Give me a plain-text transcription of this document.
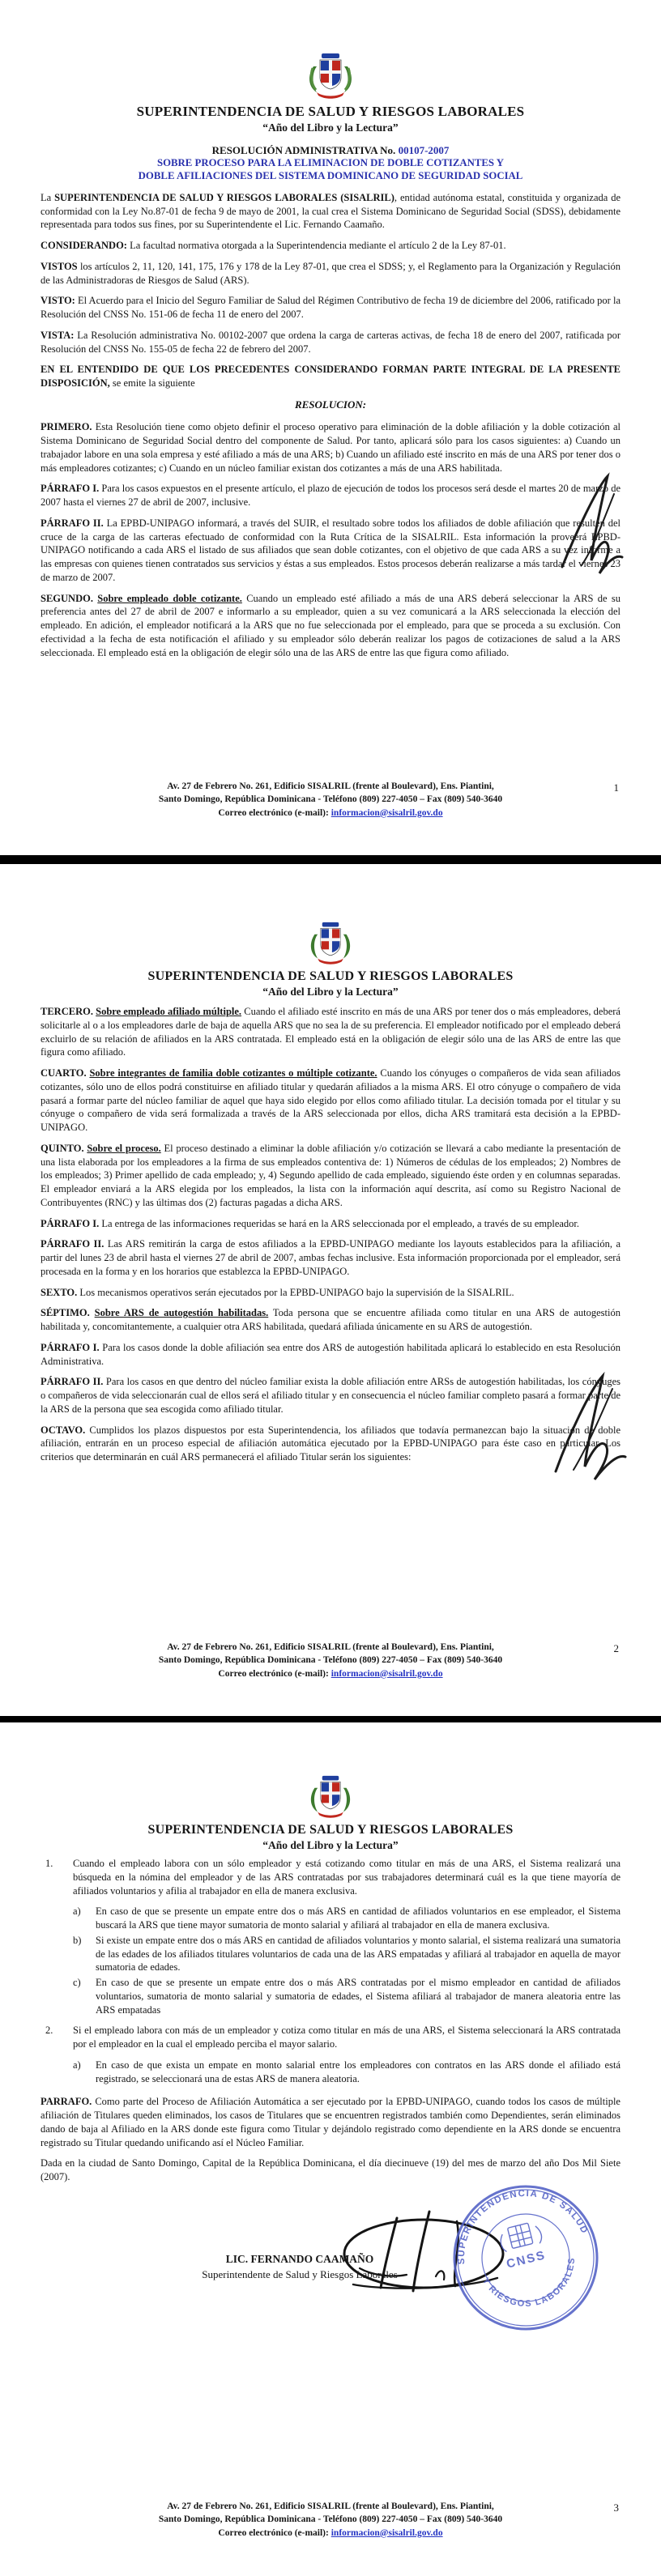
SUPERINTENDENCIA DE SALUD Y RIESGOS LABORALES
“Año del Libro y la Lectura”
RESOLUCIÓN ADMINISTRATIVA No. 00107-2007
SOBRE PROCESO PARA LA ELIMINACION DE DOBLE COTIZANTES Y
DOBLE AFILIACIONES DEL SISTEMA DOMINICANO DE SEGURIDAD SOCIAL

La SUPERINTENDENCIA DE SALUD Y RIESGOS LABORALES (SISALRIL), entidad autónoma estatal, constituida y organizada de conformidad con la Ley No.87-01 de fecha 9 de mayo de 2001, la cual crea el Sistema Dominicano de Seguridad Social (SDSS), debidamente representada para todos sus fines, por su Superintendente el Lic. Fernando Caamaño.

CONSIDERANDO: La facultad normativa otorgada a la Superintendencia mediante el artículo 2 de la Ley 87-01.

VISTOS los artículos 2, 11, 120, 141, 175, 176 y 178 de la Ley 87-01, que crea el SDSS; y, el Reglamento para la Organización y Regulación de las Administradoras de Riesgos de Salud (ARS).

VISTO: El Acuerdo para el Inicio del Seguro Familiar de Salud del Régimen Contributivo de fecha 19 de diciembre del 2006, ratificado por la Resolución del CNSS No. 151-06 de fecha 11 de enero del 2007.

VISTA: La Resolución administrativa No. 00102-2007 que ordena la carga de carteras activas, de fecha 18 de enero del 2007, ratificada por Resolución del CNSS No. 155-05 de fecha 22 de febrero del 2007.

EN EL ENTENDIDO DE QUE LOS PRECEDENTES CONSIDERANDO FORMAN PARTE INTEGRAL DE LA PRESENTE DISPOSICIÓN, se emite la siguiente

RESOLUCION:

PRIMERO. Esta Resolución tiene como objeto definir el proceso operativo para eliminación de la doble afiliación y la doble cotización al Sistema Dominicano de Seguridad Social dentro del componente de Salud. Por tanto, aplicará sólo para los casos siguientes: a) Cuando un trabajador labore en una sola empresa y esté afiliado a más de una ARS; b) Cuando un afiliado esté inscrito en más de una ARS por tener dos o más empleadores cotizantes; c) Cuando en un núcleo familiar existan dos cotizantes a más de una ARS habilitada.

PÁRRAFO I. Para los casos expuestos en el presente artículo, el plazo de ejecución de todos los procesos será desde el martes 20 de marzo de 2007 hasta el viernes 27 de abril de 2007, inclusive.

PÁRRAFO II. La EPBD-UNIPAGO informará, a través del SUIR, el resultado sobre todos los afiliados de doble afiliación que resulten del cruce de la carga de las carteras efectuado de conformidad con la Ruta Crítica de la SISALRIL. Esta información la proveerá EPBD-UNIPAGO notificando a cada ARS el listado de sus afiliados que sean doble cotizantes, con el objetivo de que cada ARS a su vez informe a las empresas con quienes tienen contratados sus servicios y éstas a sus empleados. Estos procesos deberán realizarse a más tardar el viernes 23 de marzo de 2007.

SEGUNDO. Sobre empleado doble cotizante. Cuando un empleado esté afiliado a más de una ARS deberá seleccionar la ARS de su preferencia antes del 27 de abril de 2007 e informarlo a su empleador, quien a su vez comunicará a la ARS seleccionada la elección del empleado. En adición, el empleador notificará a la ARS que no fue seleccionada por el empleado, para que se proceda a su exclusión. Con efectividad a la fecha de esta notificación el afiliado y su empleador sólo deberán realizar los pagos de cotizaciones de salud a la ARS seleccionada. El empleado está en la obligación de elegir sólo una de las ARS de entre las que figura como afiliado.

Av. 27 de Febrero No. 261, Edificio SISALRIL (frente al Boulevard), Ens. Piantini,
Santo Domingo, República Dominicana - Teléfono (809) 227-4050 – Fax (809) 540-3640
Correo electrónico (e-mail): informacion@sisalril.gov.do
1
SUPERINTENDENCIA DE SALUD Y RIESGOS LABORALES
“Año del Libro y la Lectura”

TERCERO. Sobre empleado afiliado múltiple. Cuando el afiliado esté inscrito en más de una ARS por tener dos o más empleadores, deberá solicitarle al o a los empleadores darle de baja de aquella ARS que no sea la de su preferencia. El empleador notificado por el empleado deberá excluirlo de su relación de afiliados en la ARS contratada. El empleado está en la obligación de elegir sólo una de las ARS de entre las que figura como afiliado.

CUARTO. Sobre integrantes de familia doble cotizantes o múltiple cotizante. Cuando los cónyuges o compañeros de vida sean afiliados cotizantes, sólo uno de ellos podrá constituirse en afiliado titular y quedarán afiliados a la misma ARS. El otro cónyuge o compañero de vida pasará a formar parte del núcleo familiar de aquel que haya sido elegido por ellos como afiliado titular. La decisión tomada por el titular y su cónyuge o compañero de vida será formalizada a través de la ARS seleccionada por ellos, dicha ARS tramitará esta decisión a la EPBD-UNIPAGO.

QUINTO. Sobre el proceso. El proceso destinado a eliminar la doble afiliación y/o cotización se llevará a cabo mediante la presentación de una lista elaborada por los empleadores a la firma de sus empleados contentiva de: 1) Números de cédulas de los empleados; 2) Nombres de los empleados; 3) Primer apellido de cada empleado; y, 4) Segundo apellido de cada empleado, siguiendo éste orden y en columnas separadas. El empleador enviará a la ARS elegida por los empleados, la lista con la información aquí descrita, así como su Registro Nacional de Contribuyentes (RNC) y las últimas dos (2) facturas pagadas a dicha ARS.

PÁRRAFO I. La entrega de las informaciones requeridas se hará en la ARS seleccionada por el empleado, a través de su empleador.

PÁRRAFO II. Las ARS remitirán la carga de estos afiliados a la EPBD-UNIPAGO mediante los layouts establecidos para la afiliación, a partir del lunes 23 de abril hasta el viernes 27 de abril de 2007, ambas fechas inclusive. Esta información proporcionada por el empleador, será procesada en la forma y en los horarios que establezca la EPBD-UNIPAGO.

SEXTO. Los mecanismos operativos serán ejecutados por la EPBD-UNIPAGO bajo la supervisión de la SISALRIL.

SÉPTIMO. Sobre ARS de autogestión habilitadas. Toda persona que se encuentre afiliada como titular en una ARS de autogestión habilitada y, concomitantemente, a cualquier otra ARS habilitada, quedará afiliada únicamente en su ARS de autogestión.

PÁRRAFO I. Para los casos donde la doble afiliación sea entre dos ARS de autogestión habilitada aplicará lo establecido en esta Resolución Administrativa.

PÁRRAFO II. Para los casos en que dentro del núcleo familiar exista la doble afiliación entre ARSs de autogestión habilitadas, los cónyuges o compañeros de vida seleccionarán cual de ellos será el afiliado titular y en consecuencia el núcleo familiar completo pasará a formar parte de la ARS de la persona que sea escogida como afiliado titular.

OCTAVO. Cumplidos los plazos dispuestos por esta Superintendencia, los afiliados que todavía permanezcan bajo la situación de doble afiliación, entrarán en un proceso especial de afiliación automática ejecutado por la EPBD-UNIPAGO para éste caso en particular. Los criterios que determinarán en cuál ARS permanecerá el afiliado Titular serán los siguientes:

Av. 27 de Febrero No. 261, Edificio SISALRIL (frente al Boulevard), Ens. Piantini,
Santo Domingo, República Dominicana - Teléfono (809) 227-4050 – Fax (809) 540-3640
Correo electrónico (e-mail): informacion@sisalril.gov.do
2
SUPERINTENDENCIA DE SALUD Y RIESGOS LABORALES
“Año del Libro y la Lectura”
1.	Cuando el empleado labora con un sólo empleador y está cotizando como titular en más de una ARS, el Sistema realizará una búsqueda en la nómina del empleador y de las ARS contratadas por sus trabajadores determinará cuál es la que tiene mayoría de afiliados voluntarios y afilia al trabajador en ella de manera exclusiva.
a)	En caso de que se presente un empate entre dos o más ARS en cantidad de afiliados voluntarios en ese empleador, el Sistema buscará la ARS que tiene mayor sumatoria de monto salarial y afiliará al trabajador en ella de manera exclusiva.
b)	Si existe un empate entre dos o más ARS en cantidad de afiliados voluntarios y monto salarial, el sistema realizará una sumatoria de las edades de los afiliados titulares voluntarios de cada una de las ARS empatadas y afiliará al trabajador en aquella de mayor sumatoria de edades.
c)	En caso de que se presente un empate entre dos o más ARS contratadas por el mismo empleador en cantidad de afiliados voluntarios, sumatoria de monto salarial y sumatoria de edades, el Sistema afiliará al trabajador de manera aleatoria entre las ARS empatadas
2.	Si el empleado labora con más de un empleador y cotiza como titular en más de una ARS, el Sistema seleccionará la ARS contratada por el empleador en la cual el empleado perciba el mayor salario.
a)	En caso de que exista un empate en monto salarial entre los empleadores con contratos en las ARS donde el afiliado está registrado, se seleccionará una de estas ARS de manera aleatoria.

PARRAFO. Como parte del Proceso de Afiliación Automática a ser ejecutado por la EPBD-UNIPAGO, cuando todos los casos de múltiple afiliación de Titulares queden eliminados, los casos de Titulares que se encuentren registrados también como Dependientes, serán eliminados dando de baja al Afiliado en la ARS donde este figura como Titular y dejándolo registrado como dependiente en la ARS donde se encuentra registrado su Titular quedando unificando así el Núcleo Familiar.

Dada en la ciudad de Santo Domingo, Capital de la República Dominicana, el día diecinueve (19) del mes de marzo del año Dos Mil Siete (2007).

LIC. FERNANDO CAAMAÑO
Superintendente de Salud y Riesgos Laborales
SUPERINTENDENCIA DE SALUD
Y RIESGOS LABORALES
CNSS
Av. 27 de Febrero No. 261, Edificio SISALRIL (frente al Boulevard), Ens. Piantini,
Santo Domingo, República Dominicana - Teléfono (809) 227-4050 – Fax (809) 540-3640
Correo electrónico (e-mail): informacion@sisalril.gov.do
3
